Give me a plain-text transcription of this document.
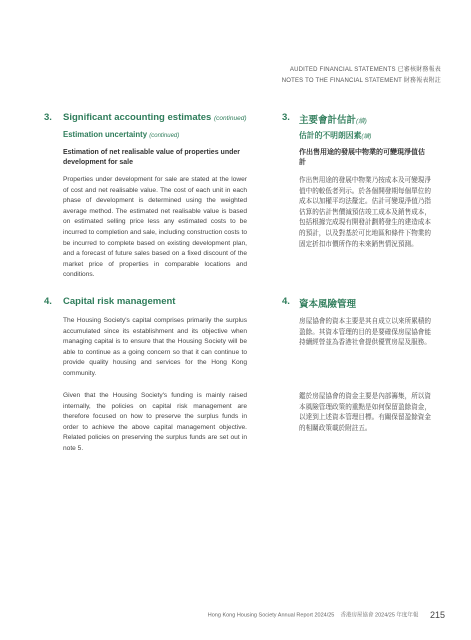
AUDITED FINANCIAL STATEMENTS 已審核財務報表
NOTES TO THE FINANCIAL STATEMENT 財務報表附註
3. Significant accounting estimates (continued)
Estimation uncertainty (continued)
Estimation of net realisable value of properties under development for sale

Properties under development for sale are stated at the lower of cost and net realisable value. The cost of each unit in each phase of development is determined using the weighted average method. The estimated net realisable value is based on estimated selling price less any estimated costs to be incurred to completion and sale, including construction costs to be incurred to complete based on existing development plan, and a forecast of future sales based on a fixed discount of the market price of properties in comparable locations and conditions.

3. 主要會計估計(續)
估計的不明朗因素(續)
作出售用途的發展中物業的可變現淨值估計

作出售用途的發展中物業乃按成本及可變現淨值中的較低者列示。於各個開發期每個單位的成本以加權平均法釐定。估計可變現淨值乃指估算的估計售價減預估竣工成本及銷售成本，包括根據完成現有開發計劃將發生的建造成本的預計，以及對基於可比地區和條件下物業的固定折扣市價所作的未來銷售情況預測。

4. Capital risk management

The Housing Society's capital comprises primarily the surplus accumulated since its establishment and its objective when managing capital is to ensure that the Housing Society will be able to continue as a going concern so that it can continue to provide quality housing and services for the Hong Kong community.

Given that the Housing Society's funding is mainly raised internally, the policies on capital risk management are therefore focused on how to preserve the surplus funds in order to achieve the above capital management objective. Related policies on preserving the surplus funds are set out in note 5.

4. 資本風險管理

房屋協會的資本主要是其自成立以來所累積的盈餘。其資本管理的目的是要確保房屋協會能持續經營並為香港社會提供優質房屋及服務。

鑑於房屋協會的資金主要是內部籌集，所以資本風險管理政策的重點是如何保留盈餘資金，以達到上述資本管理目標。有關保留盈餘資金的相關政策載於附註五。

Hong Kong Housing Society Annual Report 2024/25 香港房屋協會 2024/25 年度年報 215
